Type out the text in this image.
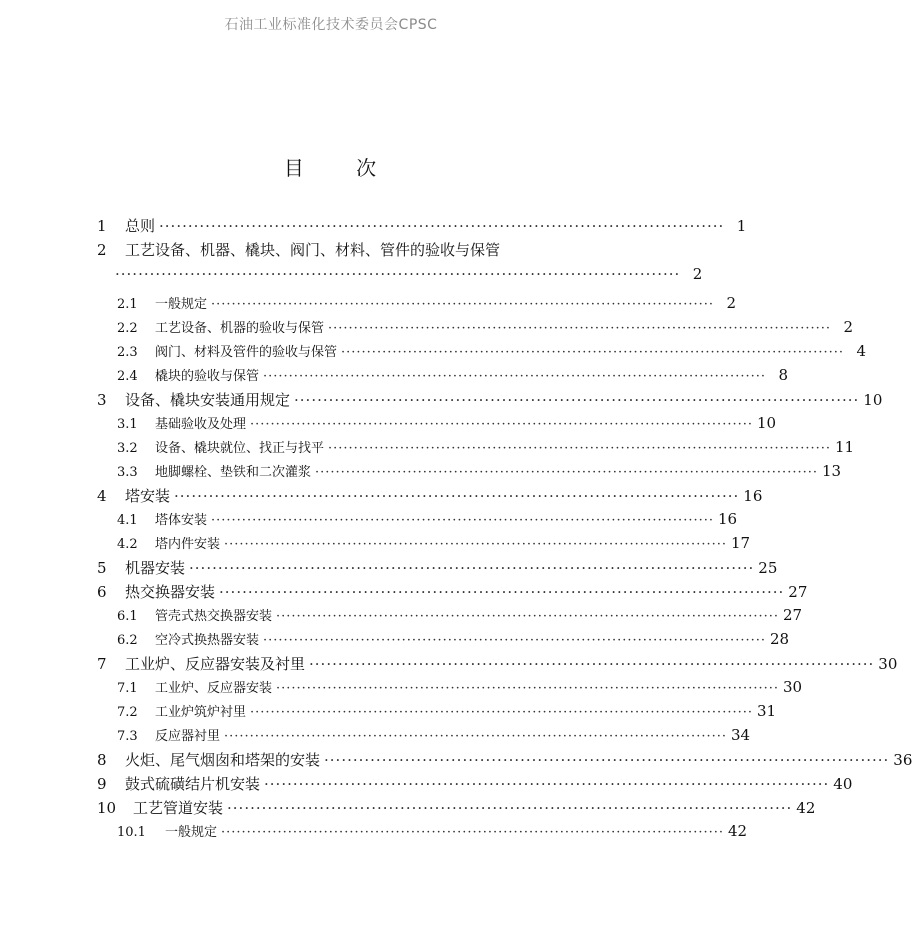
石油工业标准化技术委员会CPSC
目 次
1	总则 ·································································································· 1
2	工艺设备、机器、橇块、阀门、材料、管件的验收与保管
·································································································· 2
2.1	一般规定 ·································································································· 2
2.2	工艺设备、机器的验收与保管 ·································································································· 2
2.3	阀门、材料及管件的验收与保管 ·································································································· 4
2.4	橇块的验收与保管 ·································································································· 8
3	设备、橇块安装通用规定 ·································································································· 10
3.1	基础验收及处理 ·································································································· 10
3.2	设备、橇块就位、找正与找平 ·································································································· 11
3.3	地脚螺栓、垫铁和二次灌浆 ·································································································· 13
4	塔安装 ·································································································· 16
4.1	塔体安装 ·································································································· 16
4.2	塔内件安装 ·································································································· 17
5	机器安装 ·································································································· 25
6	热交换器安装 ·································································································· 27
6.1	管壳式热交换器安装 ·································································································· 27
6.2	空冷式换热器安装 ·································································································· 28
7	工业炉、反应器安装及衬里 ·································································································· 30
7.1	工业炉、反应器安装 ·································································································· 30
7.2	工业炉筑炉衬里 ·································································································· 31
7.3	反应器衬里 ·································································································· 34
8	火炬、尾气烟囱和塔架的安装 ·································································································· 36
9	鼓式硫磺结片机安装 ·································································································· 40
10	工艺管道安装 ·································································································· 42
10.1	一般规定 ·································································································· 42
